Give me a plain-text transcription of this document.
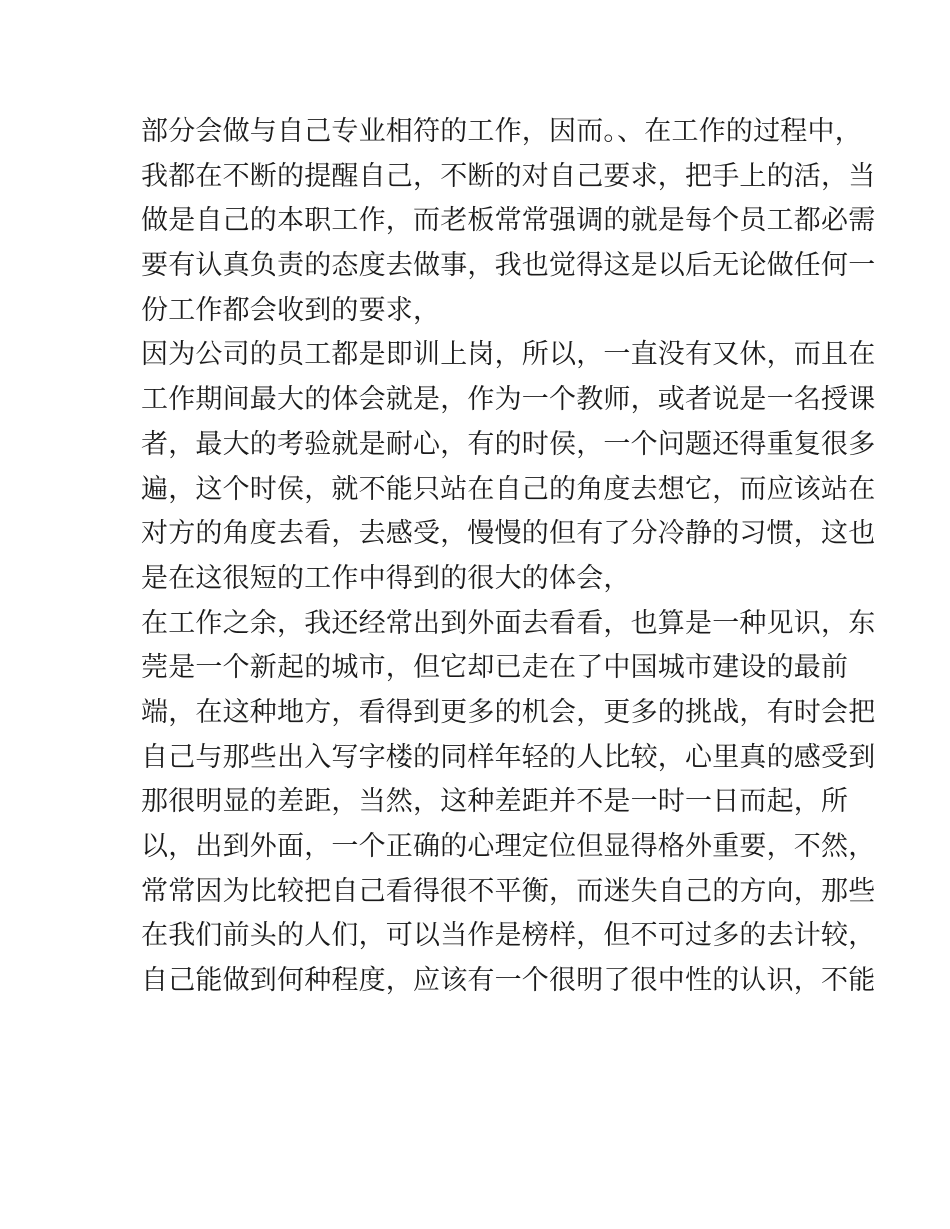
部分会做与自己专业相符的工作，因而。、在工作的过程中，
我都在不断的提醒自己，不断的对自己要求，把手上的活，当
做是自己的本职工作，而老板常常强调的就是每个员工都必需
要有认真负责的态度去做事，我也觉得这是以后无论做任何一
份工作都会收到的要求，
因为公司的员工都是即训上岗，所以，一直没有又休，而且在
工作期间最大的体会就是，作为一个教师，或者说是一名授课
者，最大的考验就是耐心，有的时侯，一个问题还得重复很多
遍，这个时侯，就不能只站在自己的角度去想它，而应该站在
对方的角度去看，去感受，慢慢的但有了分冷静的习惯，这也
是在这很短的工作中得到的很大的体会，
在工作之余，我还经常出到外面去看看，也算是一种见识，东
莞是一个新起的城市，但它却已走在了中国城市建设的最前
端，在这种地方，看得到更多的机会，更多的挑战，有时会把
自己与那些出入写字楼的同样年轻的人比较，心里真的感受到
那很明显的差距，当然，这种差距并不是一时一日而起，所
以，出到外面，一个正确的心理定位但显得格外重要，不然，
常常因为比较把自己看得很不平衡，而迷失自己的方向，那些
在我们前头的人们，可以当作是榜样，但不可过多的去计较，
自己能做到何种程度，应该有一个很明了很中性的认识，不能
